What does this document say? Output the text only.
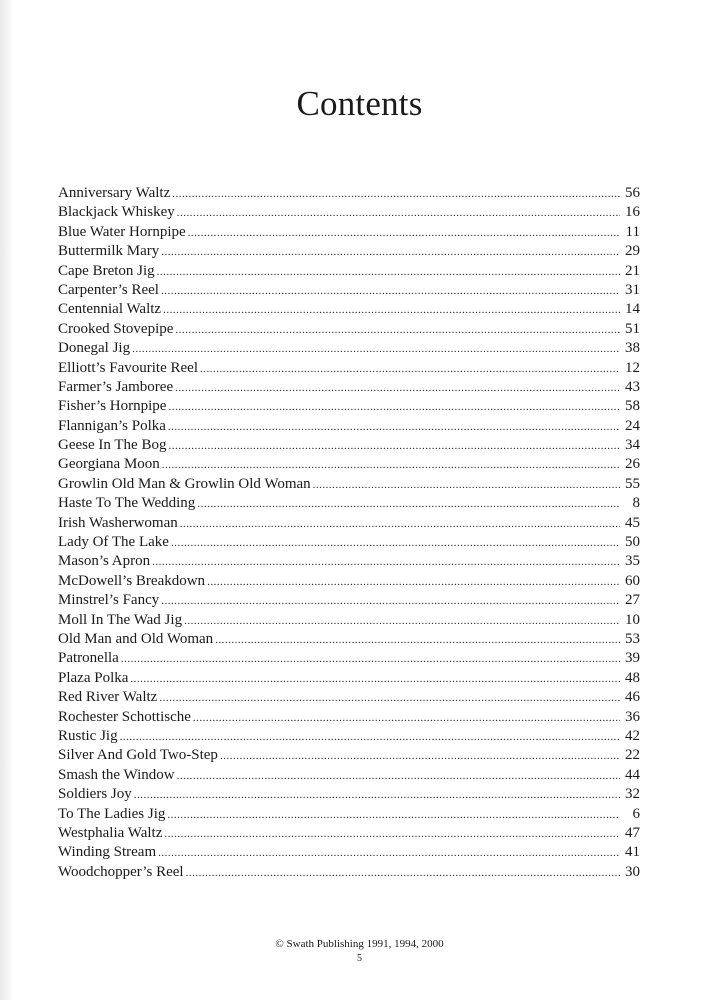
Contents
Anniversary Waltz .....	56
Blackjack Whiskey .....	16
Blue Water Hornpipe .....	11
Buttermilk Mary .....	29
Cape Breton Jig .....	21
Carpenter’s Reel .....	31
Centennial Waltz .....	14
Crooked Stovepipe .....	51
Donegal Jig .....	38
Elliott’s Favourite Reel .....	12
Farmer’s Jamboree .....	43
Fisher’s Hornpipe .....	58
Flannigan’s Polka .....	24
Geese In The Bog .....	34
Georgiana Moon .....	26
Growlin Old Man & Growlin Old Woman .....	55
Haste To The Wedding .....	8
Irish Washerwoman .....	45
Lady Of The Lake .....	50
Mason’s Apron .....	35
McDowell’s Breakdown .....	60
Minstrel’s Fancy .....	27
Moll In The Wad Jig .....	10
Old Man and Old Woman .....	53
Patronella .....	39
Plaza Polka .....	48
Red River Waltz .....	46
Rochester Schottische .....	36
Rustic Jig .....	42
Silver And Gold Two-Step .....	22
Smash the Window .....	44
Soldiers Joy .....	32
To The Ladies Jig .....	6
Westphalia Waltz .....	47
Winding Stream .....	41
Woodchopper’s Reel .....	30
© Swath Publishing 1991, 1994, 2000
5
